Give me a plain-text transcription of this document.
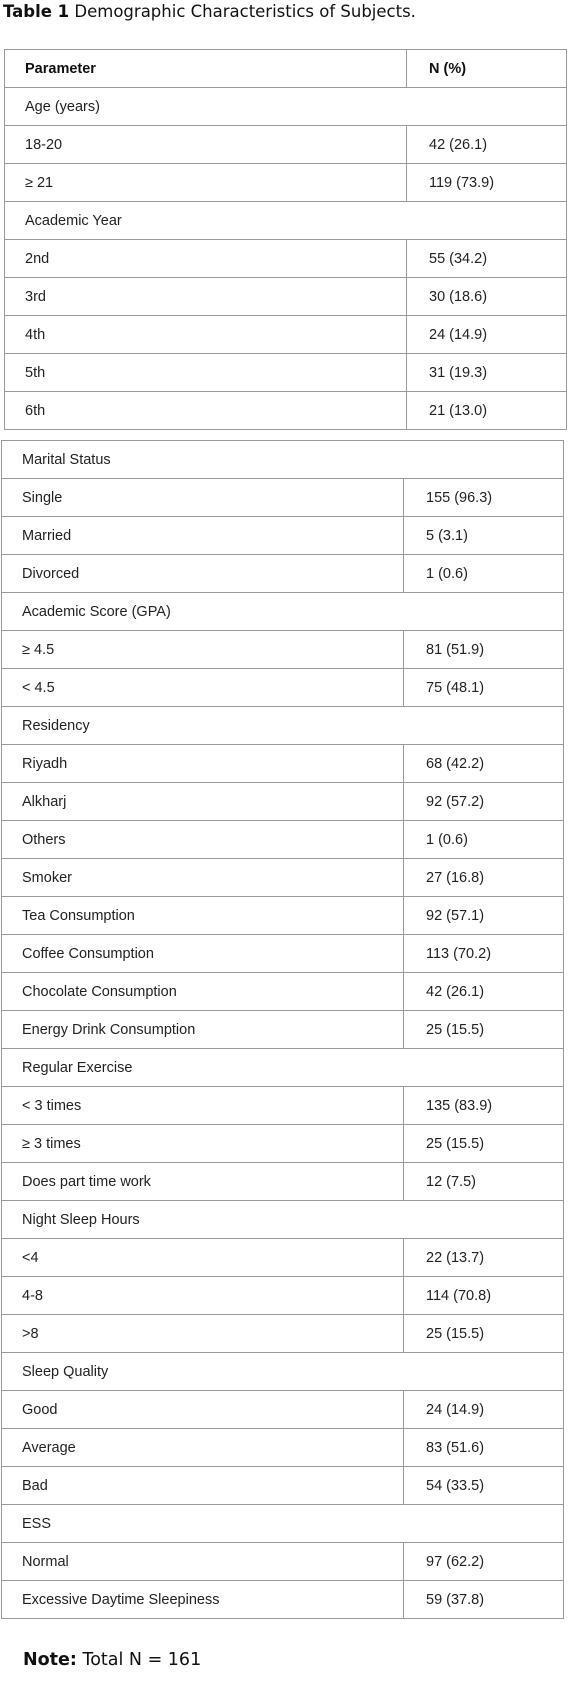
Table 1 Demographic Characteristics of Subjects.
Parameter	N (%)
Age (years)	
18-20	42 (26.1)
≥ 21	119 (73.9)
Academic Year	
2nd	55 (34.2)
3rd	30 (18.6)
4th	24 (14.9)
5th	31 (19.3)
6th	21 (13.0)
Marital Status	
Single	155 (96.3)
Married	5 (3.1)
Divorced	1 (0.6)
Academic Score (GPA)	
≥ 4.5	81 (51.9)
< 4.5	75 (48.1)
Residency	
Riyadh	68 (42.2)
Alkharj	92 (57.2)
Others	1 (0.6)
Smoker	27 (16.8)
Tea Consumption	92 (57.1)
Coffee Consumption	113 (70.2)
Chocolate Consumption	42 (26.1)
Energy Drink Consumption	25 (15.5)
Regular Exercise	
< 3 times	135 (83.9)
≥ 3 times	25 (15.5)
Does part time work	12 (7.5)
Night Sleep Hours	
<4	22 (13.7)
4-8	114 (70.8)
>8	25 (15.5)
Sleep Quality	
Good	24 (14.9)
Average	83 (51.6)
Bad	54 (33.5)
ESS	
Normal	97 (62.2)
Excessive Daytime Sleepiness	59 (37.8)
Note: Total N = 161
